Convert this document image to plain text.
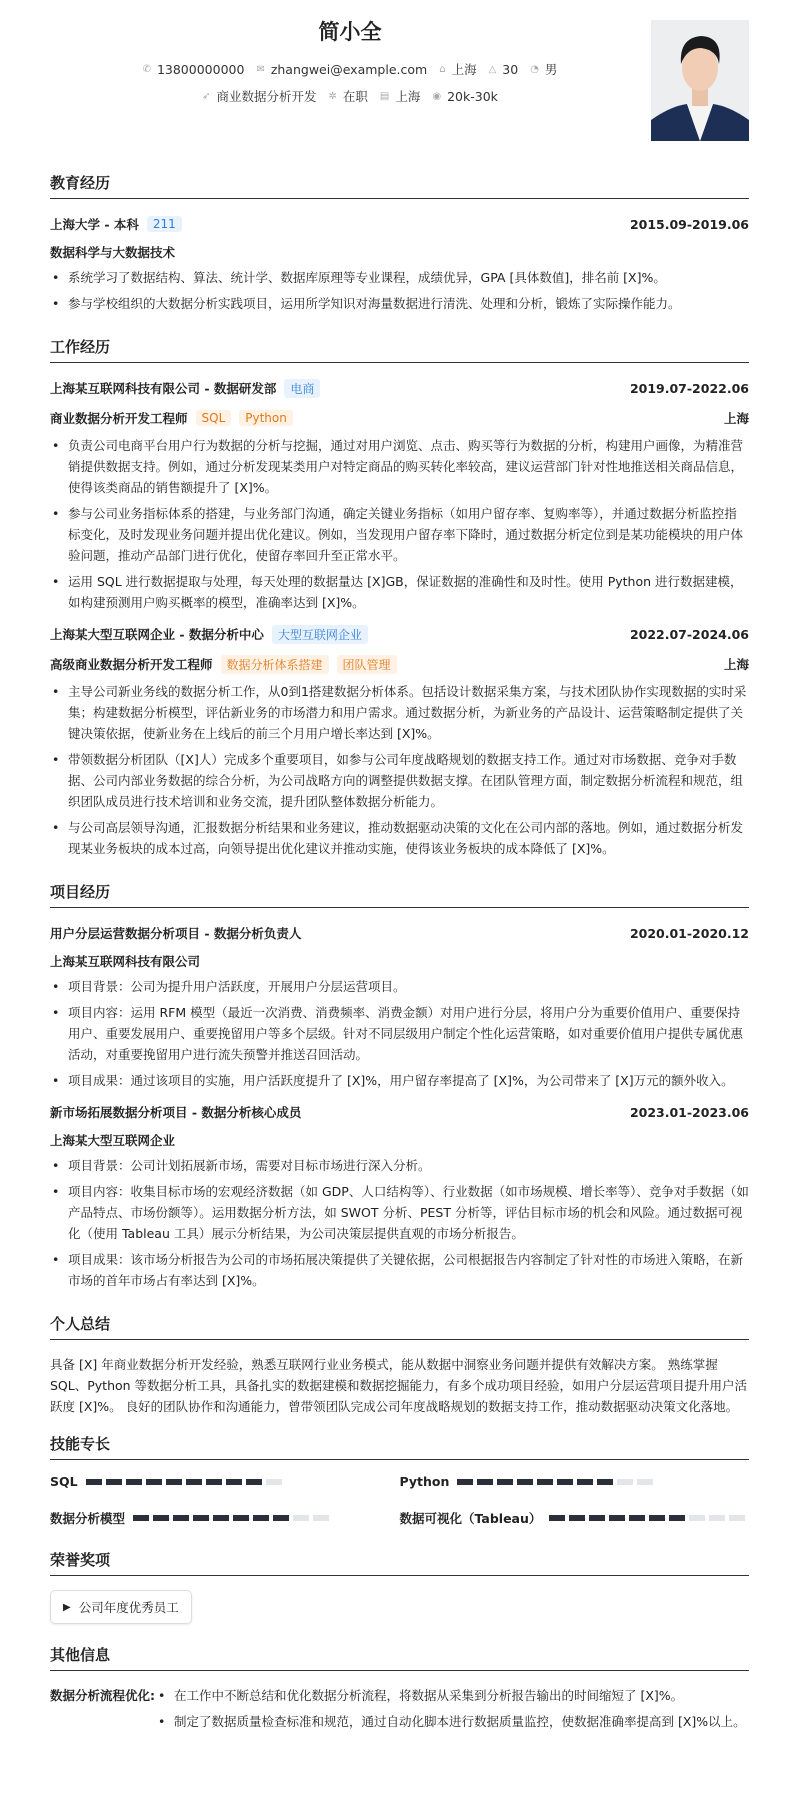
简小全
✆ 13800000000 ✉ zhangwei@example.com ⌂ 上海 △ 30 ◔ 男
➶ 商业数据分析开发 ✲ 在职 ▤ 上海 ◉ 20k-30k
教育经历
上海大学 - 本科	211	2015.09-2019.06
数据科学与大数据技术
• 系统学习了数据结构、算法、统计学、数据库原理等专业课程，成绩优异，GPA [具体数值]，排名前 [X]%。
• 参与学校组织的大数据分析实践项目，运用所学知识对海量数据进行清洗、处理和分析，锻炼了实际操作能力。
工作经历
上海某互联网科技有限公司 - 数据研发部	电商	2019.07-2022.06
商业数据分析开发工程师	SQL	Python	上海
• 负责公司电商平台用户行为数据的分析与挖掘，通过对用户浏览、点击、购买等行为数据的分析，构建用户画像，为精准营销提供数据支持。例如，通过分析发现某类用户对特定商品的购买转化率较高，建议运营部门针对性地推送相关商品信息，使得该类商品的销售额提升了 [X]%。
• 参与公司业务指标体系的搭建，与业务部门沟通，确定关键业务指标（如用户留存率、复购率等），并通过数据分析监控指标变化，及时发现业务问题并提出优化建议。例如，当发现用户留存率下降时，通过数据分析定位到是某功能模块的用户体验问题，推动产品部门进行优化，使留存率回升至正常水平。
• 运用 SQL 进行数据提取与处理，每天处理的数据量达 [X]GB，保证数据的准确性和及时性。使用 Python 进行数据建模，如构建预测用户购买概率的模型，准确率达到 [X]%。
上海某大型互联网企业 - 数据分析中心	大型互联网企业	2022.07-2024.06
高级商业数据分析开发工程师	数据分析体系搭建	团队管理	上海
• 主导公司新业务线的数据分析工作，从0到1搭建数据分析体系。包括设计数据采集方案，与技术团队协作实现数据的实时采集；构建数据分析模型，评估新业务的市场潜力和用户需求。通过数据分析，为新业务的产品设计、运营策略制定提供了关键决策依据，使新业务在上线后的前三个月用户增长率达到 [X]%。
• 带领数据分析团队（[X]人）完成多个重要项目，如参与公司年度战略规划的数据支持工作。通过对市场数据、竞争对手数据、公司内部业务数据的综合分析，为公司战略方向的调整提供数据支撑。在团队管理方面，制定数据分析流程和规范，组织团队成员进行技术培训和业务交流，提升团队整体数据分析能力。
• 与公司高层领导沟通，汇报数据分析结果和业务建议，推动数据驱动决策的文化在公司内部的落地。例如，通过数据分析发现某业务板块的成本过高，向领导提出优化建议并推动实施，使得该业务板块的成本降低了 [X]%。
项目经历
用户分层运营数据分析项目 - 数据分析负责人	2020.01-2020.12
上海某互联网科技有限公司
• 项目背景：公司为提升用户活跃度，开展用户分层运营项目。
• 项目内容：运用 RFM 模型（最近一次消费、消费频率、消费金额）对用户进行分层，将用户分为重要价值用户、重要保持用户、重要发展用户、重要挽留用户等多个层级。针对不同层级用户制定个性化运营策略，如对重要价值用户提供专属优惠活动，对重要挽留用户进行流失预警并推送召回活动。
• 项目成果：通过该项目的实施，用户活跃度提升了 [X]%，用户留存率提高了 [X]%，为公司带来了 [X]万元的额外收入。
新市场拓展数据分析项目 - 数据分析核心成员	2023.01-2023.06
上海某大型互联网企业
• 项目背景：公司计划拓展新市场，需要对目标市场进行深入分析。
• 项目内容：收集目标市场的宏观经济数据（如 GDP、人口结构等）、行业数据（如市场规模、增长率等）、竞争对手数据（如产品特点、市场份额等）。运用数据分析方法，如 SWOT 分析、PEST 分析等，评估目标市场的机会和风险。通过数据可视化（使用 Tableau 工具）展示分析结果，为公司决策层提供直观的市场分析报告。
• 项目成果：该市场分析报告为公司的市场拓展决策提供了关键依据，公司根据报告内容制定了针对性的市场进入策略，在新市场的首年市场占有率达到 [X]%。
个人总结
具备 [X] 年商业数据分析开发经验，熟悉互联网行业业务模式，能从数据中洞察业务问题并提供有效解决方案。 熟练掌握 SQL、Python 等数据分析工具，具备扎实的数据建模和数据挖掘能力，有多个成功项目经验，如用户分层运营项目提升用户活跃度 [X]%。 良好的团队协作和沟通能力，曾带领团队完成公司年度战略规划的数据支持工作，推动数据驱动决策文化落地。
技能专长
SQL	Python
数据分析模型	数据可视化（Tableau）
荣誉奖项
▶ 公司年度优秀员工
其他信息
数据分析流程优化:	• 在工作中不断总结和优化数据分析流程，将数据从采集到分析报告输出的时间缩短了 [X]%。
• 制定了数据质量检查标准和规范，通过自动化脚本进行数据质量监控，使数据准确率提高到 [X]%以上。
